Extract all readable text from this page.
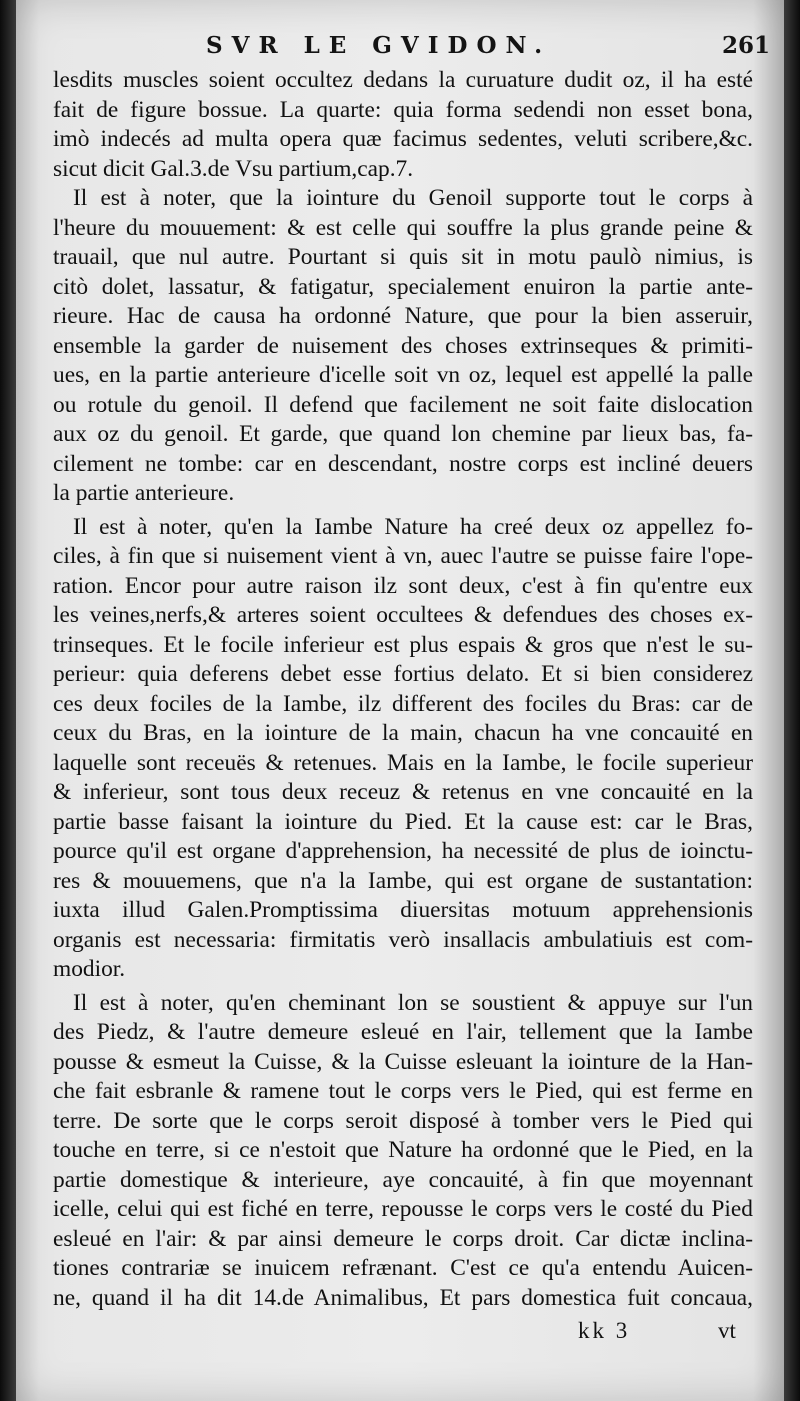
SVR LE GVIDON.	261
lesdits muscles soient occultez dedans la curuature dudit oz, il ha esté
fait de figure bossue. La quarte: quia forma sedendi non esset bona,
imò indecés ad multa opera quæ facimus sedentes, veluti scribere,&c.
sicut dicit Gal.3.de Vsu partium,cap.7.
Il est à noter, que la iointure du Genoil supporte tout le corps à
l'heure du mouuement: & est celle qui souffre la plus grande peine &
trauail, que nul autre. Pourtant si quis sit in motu paulò nimius, is
citò dolet, lassatur, & fatigatur, specialement enuiron la partie ante-
rieure. Hac de causa ha ordonné Nature, que pour la bien asseruir,
ensemble la garder de nuisement des choses extrinseques & primiti-
ues, en la partie anterieure d'icelle soit vn oz, lequel est appellé la palle
ou rotule du genoil. Il defend que facilement ne soit faite dislocation
aux oz du genoil. Et garde, que quand lon chemine par lieux bas, fa-
cilement ne tombe: car en descendant, nostre corps est incliné deuers
la partie anterieure.
Il est à noter, qu'en la Iambe Nature ha creé deux oz appellez fo-
ciles, à fin que si nuisement vient à vn, auec l'autre se puisse faire l'ope-
ration. Encor pour autre raison ilz sont deux, c'est à fin qu'entre eux
les veines,nerfs,& arteres soient occultees & defendues des choses ex-
trinseques. Et le focile inferieur est plus espais & gros que n'est le su-
perieur: quia deferens debet esse fortius delato. Et si bien considerez
ces deux fociles de la Iambe, ilz different des fociles du Bras: car de
ceux du Bras, en la iointure de la main, chacun ha vne concauité en
laquelle sont receuës & retenues. Mais en la Iambe, le focile superieur
& inferieur, sont tous deux receuz & retenus en vne concauité en la
partie basse faisant la iointure du Pied. Et la cause est: car le Bras,
pource qu'il est organe d'apprehension, ha necessité de plus de ioinctu-
res & mouuemens, que n'a la Iambe, qui est organe de sustantation:
iuxta illud Galen.Promptissima diuersitas motuum apprehensionis
organis est necessaria: firmitatis verò insallacis ambulatiuis est com-
modior.
Il est à noter, qu'en cheminant lon se soustient & appuye sur l'un
des Piedz, & l'autre demeure esleué en l'air, tellement que la Iambe
pousse & esmeut la Cuisse, & la Cuisse esleuant la iointure de la Han-
che fait esbranle & ramene tout le corps vers le Pied, qui est ferme en
terre. De sorte que le corps seroit disposé à tomber vers le Pied qui
touche en terre, si ce n'estoit que Nature ha ordonné que le Pied, en la
partie domestique & interieure, aye concauité, à fin que moyennant
icelle, celui qui est fiché en terre, repousse le corps vers le costé du Pied
esleué en l'air: & par ainsi demeure le corps droit. Car dictæ inclina-
tiones contrariæ se inuicem refrænant. C'est ce qu'a entendu Auicen-
ne, quand il ha dit 14.de Animalibus, Et pars domestica fuit concaua,
kk 3	vt
